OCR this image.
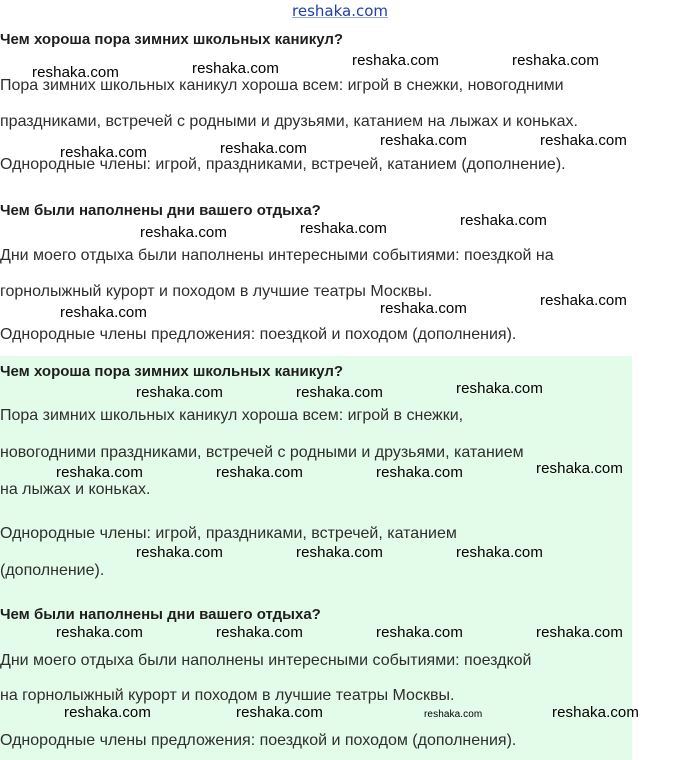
reshaka.com
Чем хороша пора зимних школьных каникул?
Пора зимних школьных каникул хороша всем: игрой в снежки, новогодними
праздниками, встречей с родными и друзьями, катанием на лыжах и коньках.
Однородные члены: игрой, праздниками, встречей, катанием (дополнение).
Чем были наполнены дни вашего отдыха?
Дни моего отдыха были наполнены интересными событиями: поездкой на
горнолыжный курорт и походом в лучшие театры Москвы.
Однородные члены предложения: поездкой и походом (дополнения).
Чем хороша пора зимних школьных каникул?
Пора зимних школьных каникул хороша всем: игрой в снежки,
новогодними праздниками, встречей с родными и друзьями, катанием
на лыжах и коньках.
Однородные члены: игрой, праздниками, встречей, катанием
(дополнение).
Чем были наполнены дни вашего отдыха?
Дни моего отдыха были наполнены интересными событиями: поездкой
на горнолыжный курорт и походом в лучшие театры Москвы.
Однородные члены предложения: поездкой и походом (дополнения).
reshaka.com	reshaka.com	reshaka.com	reshaka.com
reshaka.com	reshaka.com	reshaka.com	reshaka.com
reshaka.com	reshaka.com	reshaka.com
reshaka.com	reshaka.com	reshaka.com
reshaka.com	reshaka.com	reshaka.com
reshaka.com	reshaka.com	reshaka.com	reshaka.com
reshaka.com	reshaka.com	reshaka.com
reshaka.com	reshaka.com	reshaka.com	reshaka.com
reshaka.com	reshaka.com	reshaka.com	reshaka.com
